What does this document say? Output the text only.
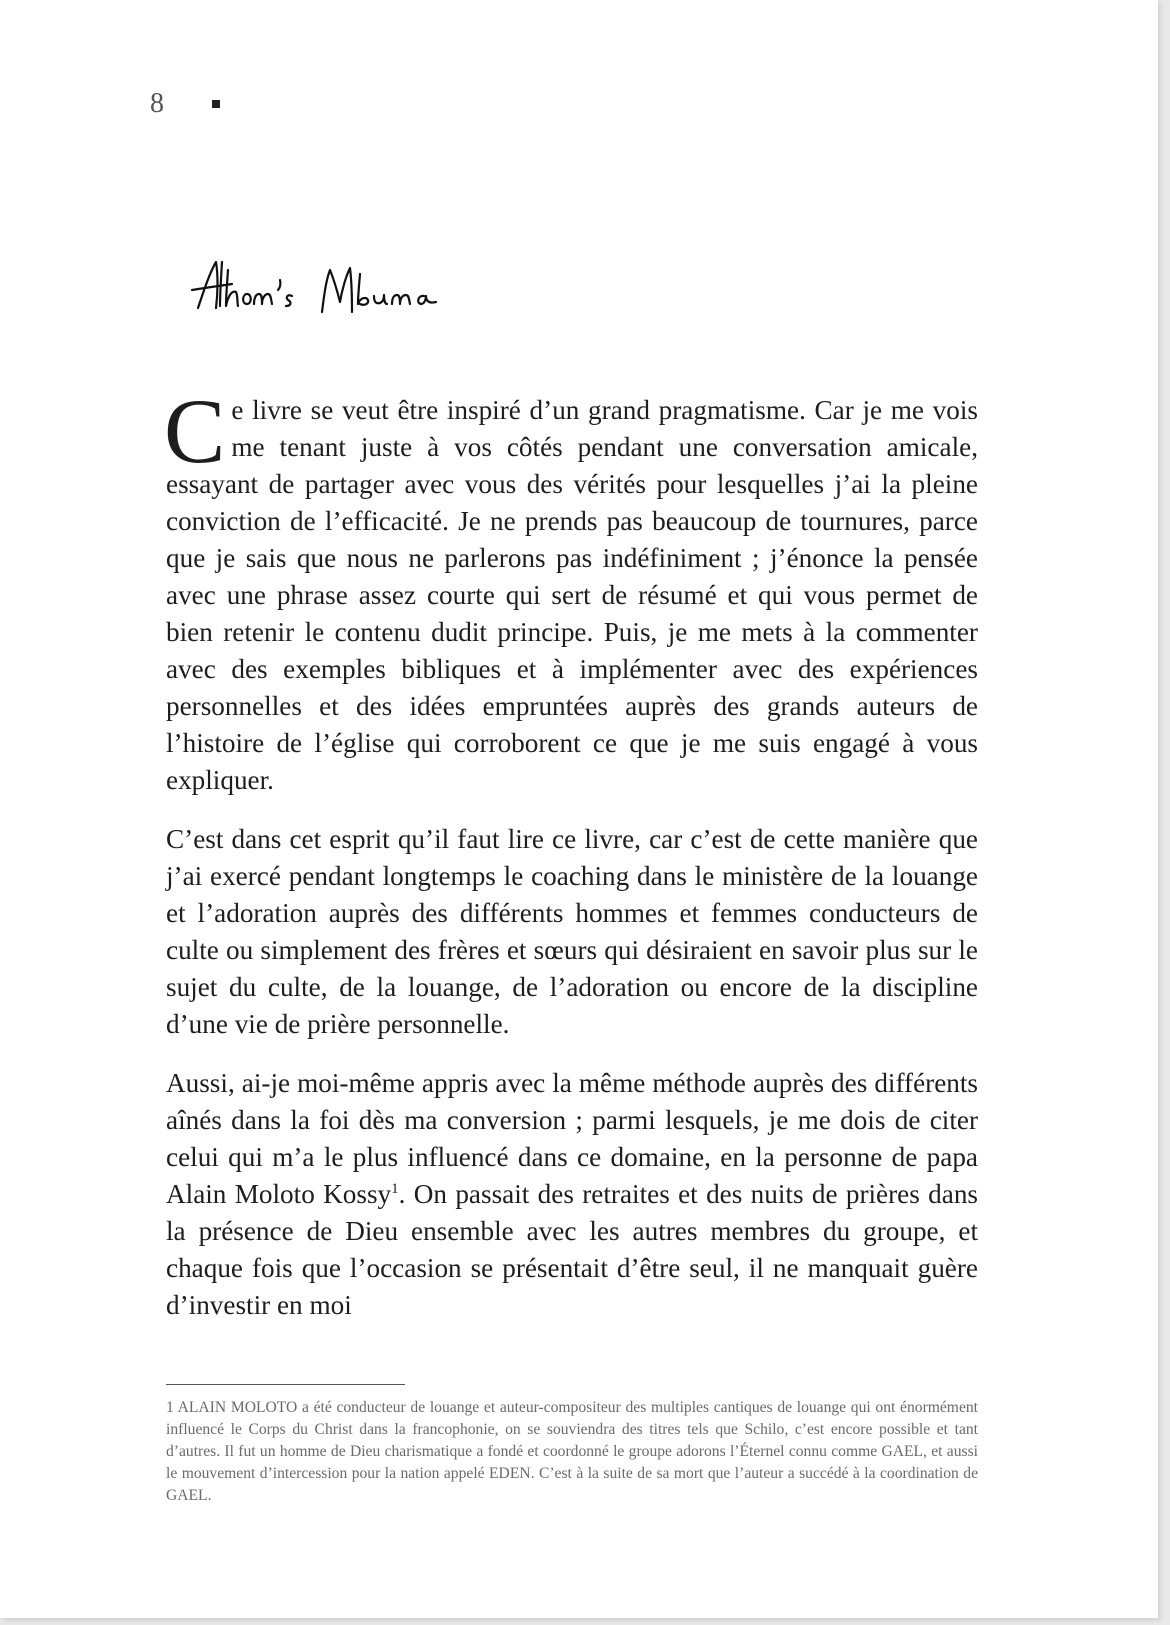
8

Ce livre se veut être inspiré d’un grand pragmatisme. Car je me vois me tenant juste à vos côtés pendant une conversation amicale, essayant de partager avec vous des vérités pour lesquelles j’ai la pleine conviction de l’efficacité. Je ne prends pas beaucoup de tournures, parce que je sais que nous ne parlerons pas indéfiniment ; j’énonce la pensée avec une phrase assez courte qui sert de résumé et qui vous permet de bien retenir le contenu dudit principe. Puis, je me mets à la commenter avec des exemples bibliques et à implémenter avec des expériences personnelles et des idées empruntées auprès des grands auteurs de l’histoire de l’église qui corroborent ce que je me suis engagé à vous expliquer.

C’est dans cet esprit qu’il faut lire ce livre, car c’est de cette manière que j’ai exercé pendant longtemps le coaching dans le ministère de la louange et l’adoration auprès des différents hommes et femmes conducteurs de culte ou simplement des frères et sœurs qui désiraient en savoir plus sur le sujet du culte, de la louange, de l’adoration ou encore de la discipline d’une vie de prière personnelle.

Aussi, ai-je moi-même appris avec la même méthode auprès des différents aînés dans la foi dès ma conversion ; parmi lesquels, je me dois de citer celui qui m’a le plus influencé dans ce domaine, en la personne de papa Alain Moloto Kossy$^1$. On passait des retraites et des nuits de prières dans la présence de Dieu ensemble avec les autres membres du groupe, et chaque fois que l’occasion se présentait d’être seul, il ne manquait guère d’investir en moi

1 ALAIN MOLOTO a été conducteur de louange et auteur-compositeur des multiples cantiques de louange qui ont énormément influencé le Corps du Christ dans la francophonie, on se souviendra des titres tels que Schilo, c’est encore possible et tant d’autres. Il fut un homme de Dieu charismatique a fondé et coordonné le groupe adorons l’Éternel connu comme GAEL, et aussi le mouvement d’intercession pour la nation appelé EDEN. C’est à la suite de sa mort que l’auteur a succédé à la coordination de GAEL.
